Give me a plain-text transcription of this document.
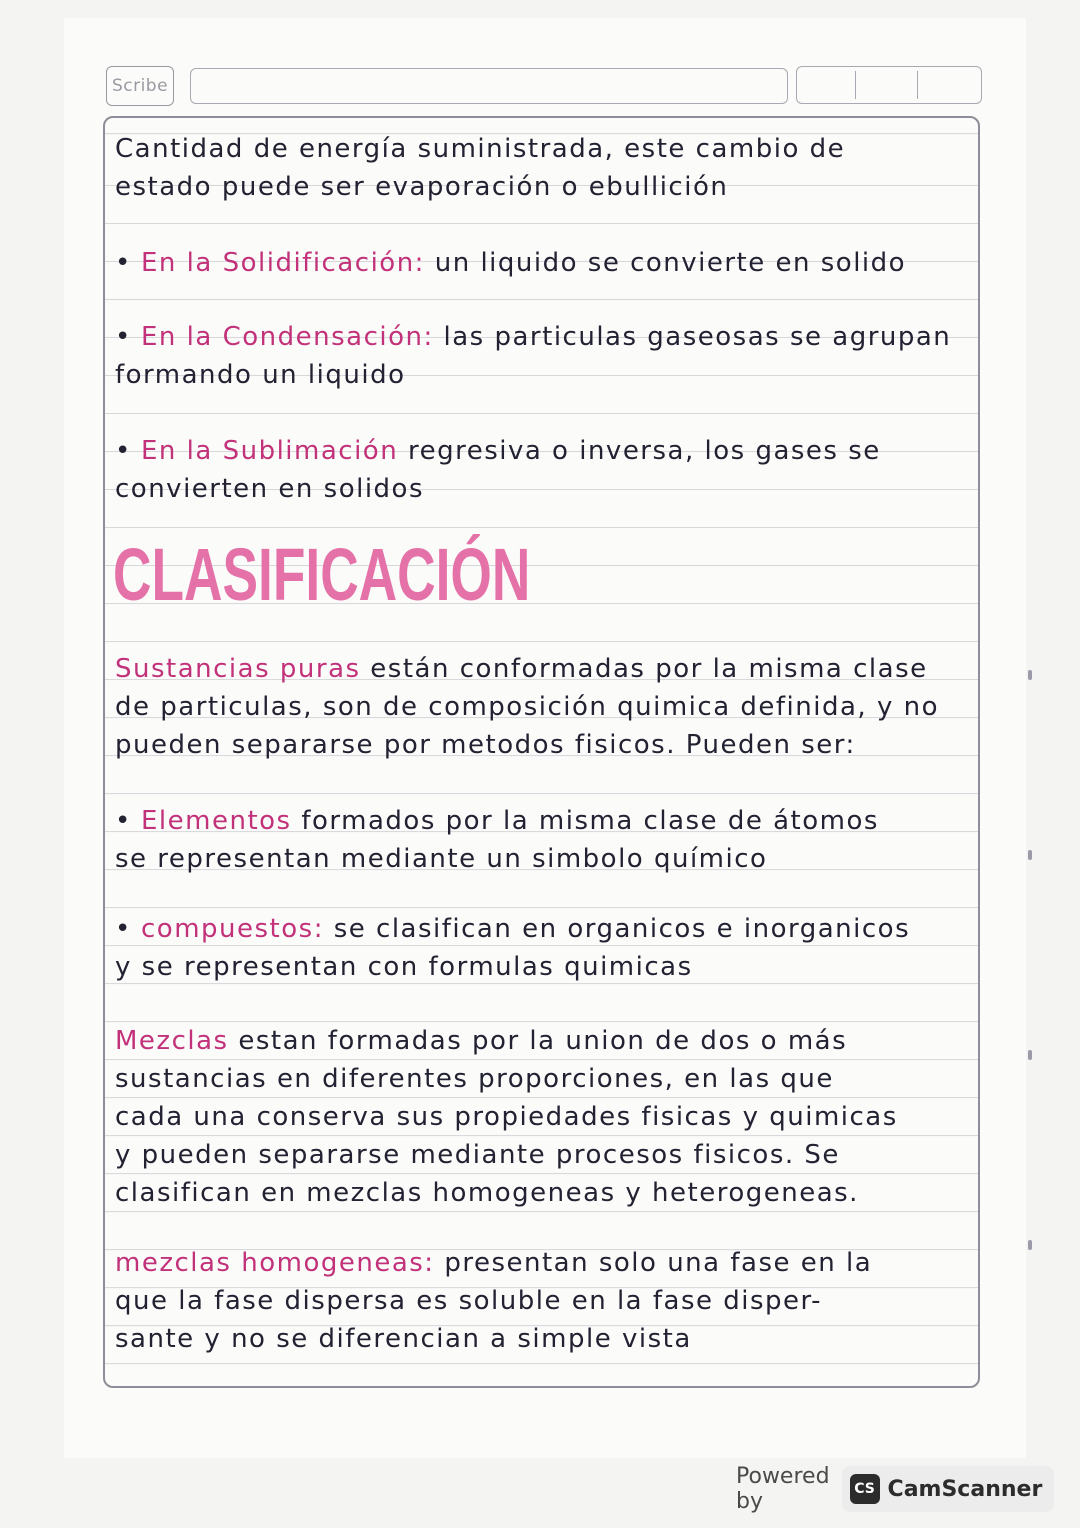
Scribe
Cantidad de energía suministrada, este cambio de
estado puede ser evaporación o ebullición
• En la Solidificación: un liquido se convierte en solido
• En la Condensación: las particulas gaseosas se agrupan
formando un liquido
• En la Sublimación regresiva o inversa, los gases se
convierten en solidos
CLASIFICACIÓN
Sustancias puras están conformadas por la misma clase
de particulas, son de composición quimica definida, y no
pueden separarse por metodos fisicos. Pueden ser:
• Elementos formados por la misma clase de átomos
se representan mediante un simbolo químico
• compuestos: se clasifican en organicos e inorganicos
y se representan con formulas quimicas
Mezclas estan formadas por la union de dos o más
sustancias en diferentes proporciones, en las que
cada una conserva sus propiedades fisicas y quimicas
y pueden separarse mediante procesos fisicos. Se
clasifican en mezclas homogeneas y heterogeneas.
mezclas homogeneas: presentan solo una fase en la
que la fase dispersa es soluble en la fase disper-
sante y no se diferencian a simple vista
Powered by	CS CamScanner
